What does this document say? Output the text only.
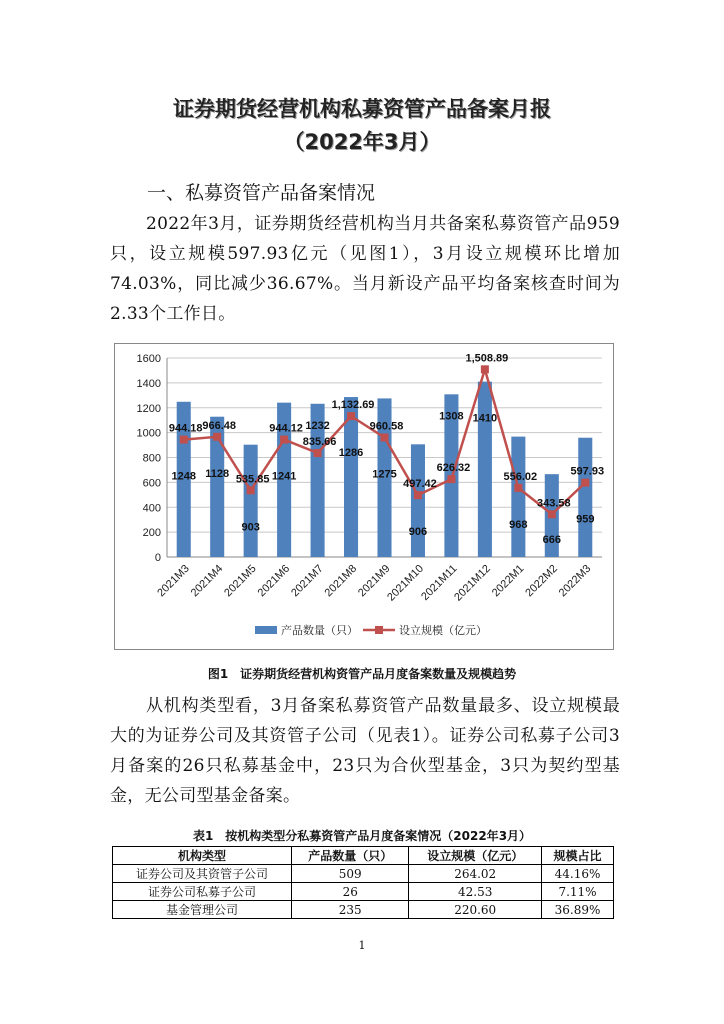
证券期货经营机构私募资管产品备案月报
（2022年3月）
一、私募资管产品备案情况
2022年3月，证券期货经营机构当月共备案私募资管产品959只，设立规模597.93亿元（见图1），3月设立规模环比增加74.03%，同比减少36.67%。当月新设产品平均备案核查时间为2.33个工作日。
0
200
400
600
800
1000
1200
1400
1600
1248 1128
903
1241
1232
1286
1275
906
1308 1410
968
666
959
944.18 966.48
535.85
944.12
835.66
1,132.69
960.58
497.42
626.32
1,508.89
556.02
343.58
597.93
2021M3
2021M4
2021M5
2021M6
2021M7
2021M8
2021M9
2021M10
2021M11
2021M12
2022M1
2022M2
2022M3
产品数量（只）	设立规模（亿元）
图1　证券期货经营机构资管产品月度备案数量及规模趋势
从机构类型看，3月备案私募资管产品数量最多、设立规模最大的为证券公司及其资管子公司（见表1）。证券公司私募子公司3月备案的26只私募基金中，23只为合伙型基金，3只为契约型基金，无公司型基金备案。
表1　按机构类型分私募资管产品月度备案情况（2022年3月）
机构类型	产品数量（只）	设立规模（亿元）	规模占比
证券公司及其资管子公司	509	264.02	44.16%
证券公司私募子公司	26	42.53	7.11%
基金管理公司	235	220.60	36.89%
1
